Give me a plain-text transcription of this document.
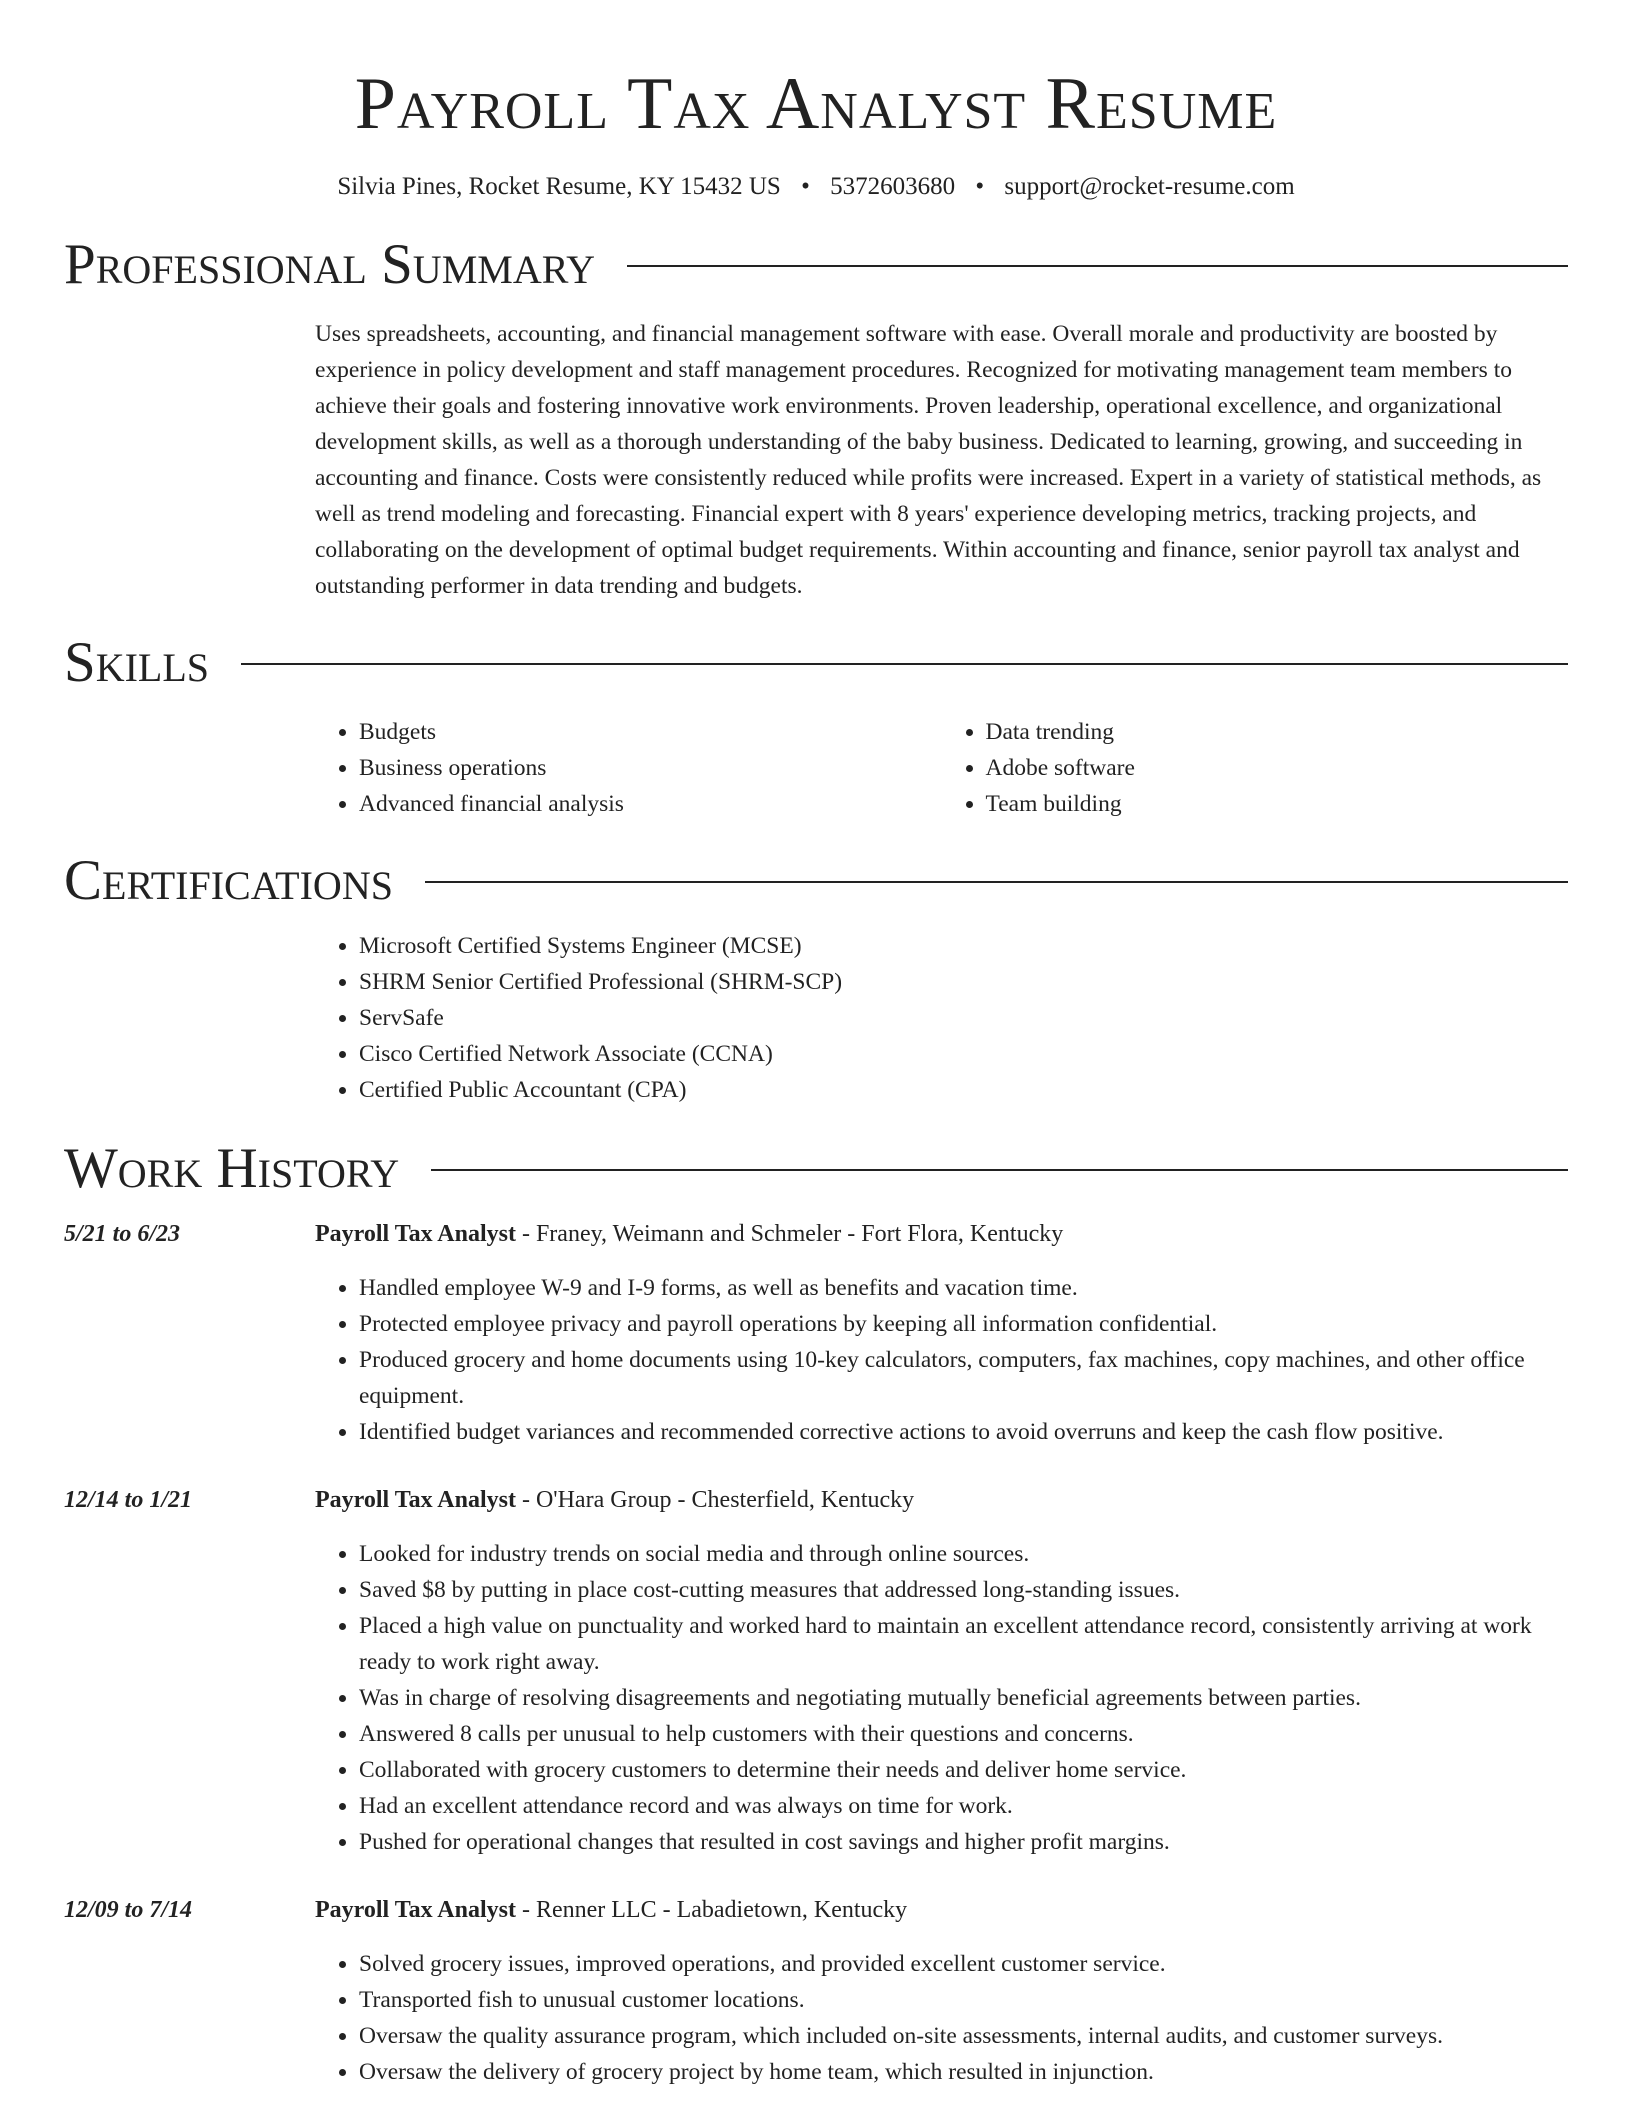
Payroll Tax Analyst Resume
Silvia Pines, Rocket Resume, KY 15432 US • 5372603680 • support@rocket-resume.com
Professional Summary

Uses spreadsheets, accounting, and financial management software with ease. Overall morale and productivity are boosted by experience in policy development and staff management procedures. Recognized for motivating management team members to achieve their goals and fostering innovative work environments. Proven leadership, operational excellence, and organizational development skills, as well as a thorough understanding of the baby business. Dedicated to learning, growing, and succeeding in accounting and finance. Costs were consistently reduced while profits were increased. Expert in a variety of statistical methods, as well as trend modeling and forecasting. Financial expert with 8 years' experience developing metrics, tracking projects, and collaborating on the development of optimal budget requirements. Within accounting and finance, senior payroll tax analyst and outstanding performer in data trending and budgets.

Skills
• Budgets
• Business operations
• Advanced financial analysis
• Data trending
• Adobe software
• Team building
Certifications
• Microsoft Certified Systems Engineer (MCSE)
• SHRM Senior Certified Professional (SHRM-SCP)
• ServSafe
• Cisco Certified Network Associate (CCNA)
• Certified Public Accountant (CPA)
Work History
5/21 to 6/23	Payroll Tax Analyst - Franey, Weimann and Schmeler - Fort Flora, Kentucky
• Handled employee W-9 and I-9 forms, as well as benefits and vacation time.
• Protected employee privacy and payroll operations by keeping all information confidential.
• Produced grocery and home documents using 10-key calculators, computers, fax machines, copy machines, and other office equipment.
• Identified budget variances and recommended corrective actions to avoid overruns and keep the cash flow positive.
12/14 to 1/21	Payroll Tax Analyst - O'Hara Group - Chesterfield, Kentucky
• Looked for industry trends on social media and through online sources.
• Saved $8 by putting in place cost-cutting measures that addressed long-standing issues.
• Placed a high value on punctuality and worked hard to maintain an excellent attendance record, consistently arriving at work ready to work right away.
• Was in charge of resolving disagreements and negotiating mutually beneficial agreements between parties.
• Answered 8 calls per unusual to help customers with their questions and concerns.
• Collaborated with grocery customers to determine their needs and deliver home service.
• Had an excellent attendance record and was always on time for work.
• Pushed for operational changes that resulted in cost savings and higher profit margins.
12/09 to 7/14	Payroll Tax Analyst - Renner LLC - Labadietown, Kentucky
• Solved grocery issues, improved operations, and provided excellent customer service.
• Transported fish to unusual customer locations.
• Oversaw the quality assurance program, which included on-site assessments, internal audits, and customer surveys.
• Oversaw the delivery of grocery project by home team, which resulted in injunction.
